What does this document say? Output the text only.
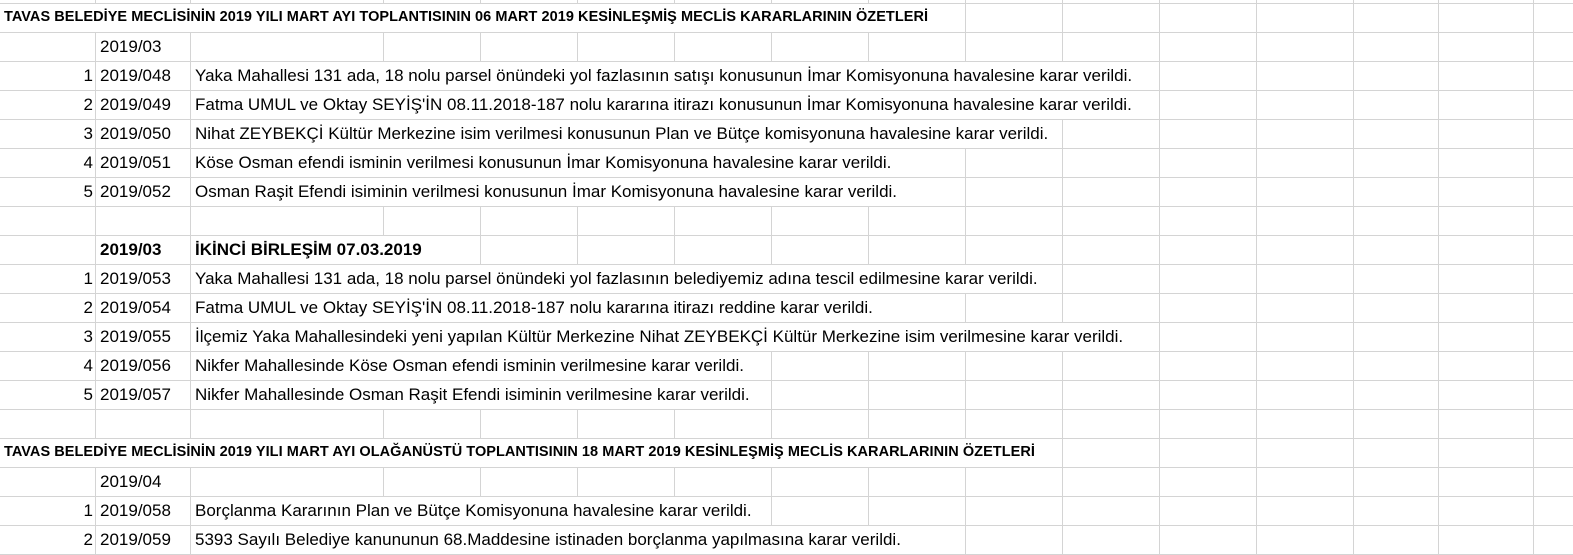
TAVAS BELEDİYE MECLİSİNİN 2019 YILI MART AYI TOPLANTISININ 06 MART 2019 KESİNLEŞMİŞ MECLİS KARARLARININ ÖZETLERİ
2019/03
1 2019/048 Yaka Mahallesi 131 ada, 18 nolu parsel önündeki yol fazlasının satışı konusunun İmar Komisyonuna havalesine karar verildi.
2 2019/049 Fatma UMUL ve Oktay SEYİŞ'İN 08.11.2018-187 nolu kararına itirazı konusunun İmar Komisyonuna havalesine karar verildi.
3 2019/050 Nihat ZEYBEKÇİ Kültür Merkezine isim verilmesi konusunun Plan ve Bütçe komisyonuna havalesine karar verildi.
4 2019/051 Köse Osman efendi isminin verilmesi konusunun İmar Komisyonuna havalesine karar verildi.
5 2019/052 Osman Raşit Efendi isiminin verilmesi konusunun İmar Komisyonuna havalesine karar verildi.
2019/03 İKİNCİ BİRLEŞİM 07.03.2019
1 2019/053 Yaka Mahallesi 131 ada, 18 nolu parsel önündeki yol fazlasının belediyemiz adına tescil edilmesine karar verildi.
2 2019/054 Fatma UMUL ve Oktay SEYİŞ'İN 08.11.2018-187 nolu kararına itirazı reddine karar verildi.
3 2019/055 İlçemiz Yaka Mahallesindeki yeni yapılan Kültür Merkezine Nihat ZEYBEKÇİ Kültür Merkezine isim verilmesine karar verildi.
4 2019/056 Nikfer Mahallesinde Köse Osman efendi isminin verilmesine karar verildi.
5 2019/057 Nikfer Mahallesinde Osman Raşit Efendi isiminin verilmesine karar verildi.
TAVAS BELEDİYE MECLİSİNİN 2019 YILI MART AYI OLAĞANÜSTÜ TOPLANTISININ 18 MART 2019 KESİNLEŞMİŞ MECLİS KARARLARININ ÖZETLERİ
2019/04
1 2019/058 Borçlanma Kararının Plan ve Bütçe Komisyonuna havalesine karar verildi.
2 2019/059 5393 Sayılı Belediye kanununun 68.Maddesine istinaden borçlanma yapılmasına karar verildi.
